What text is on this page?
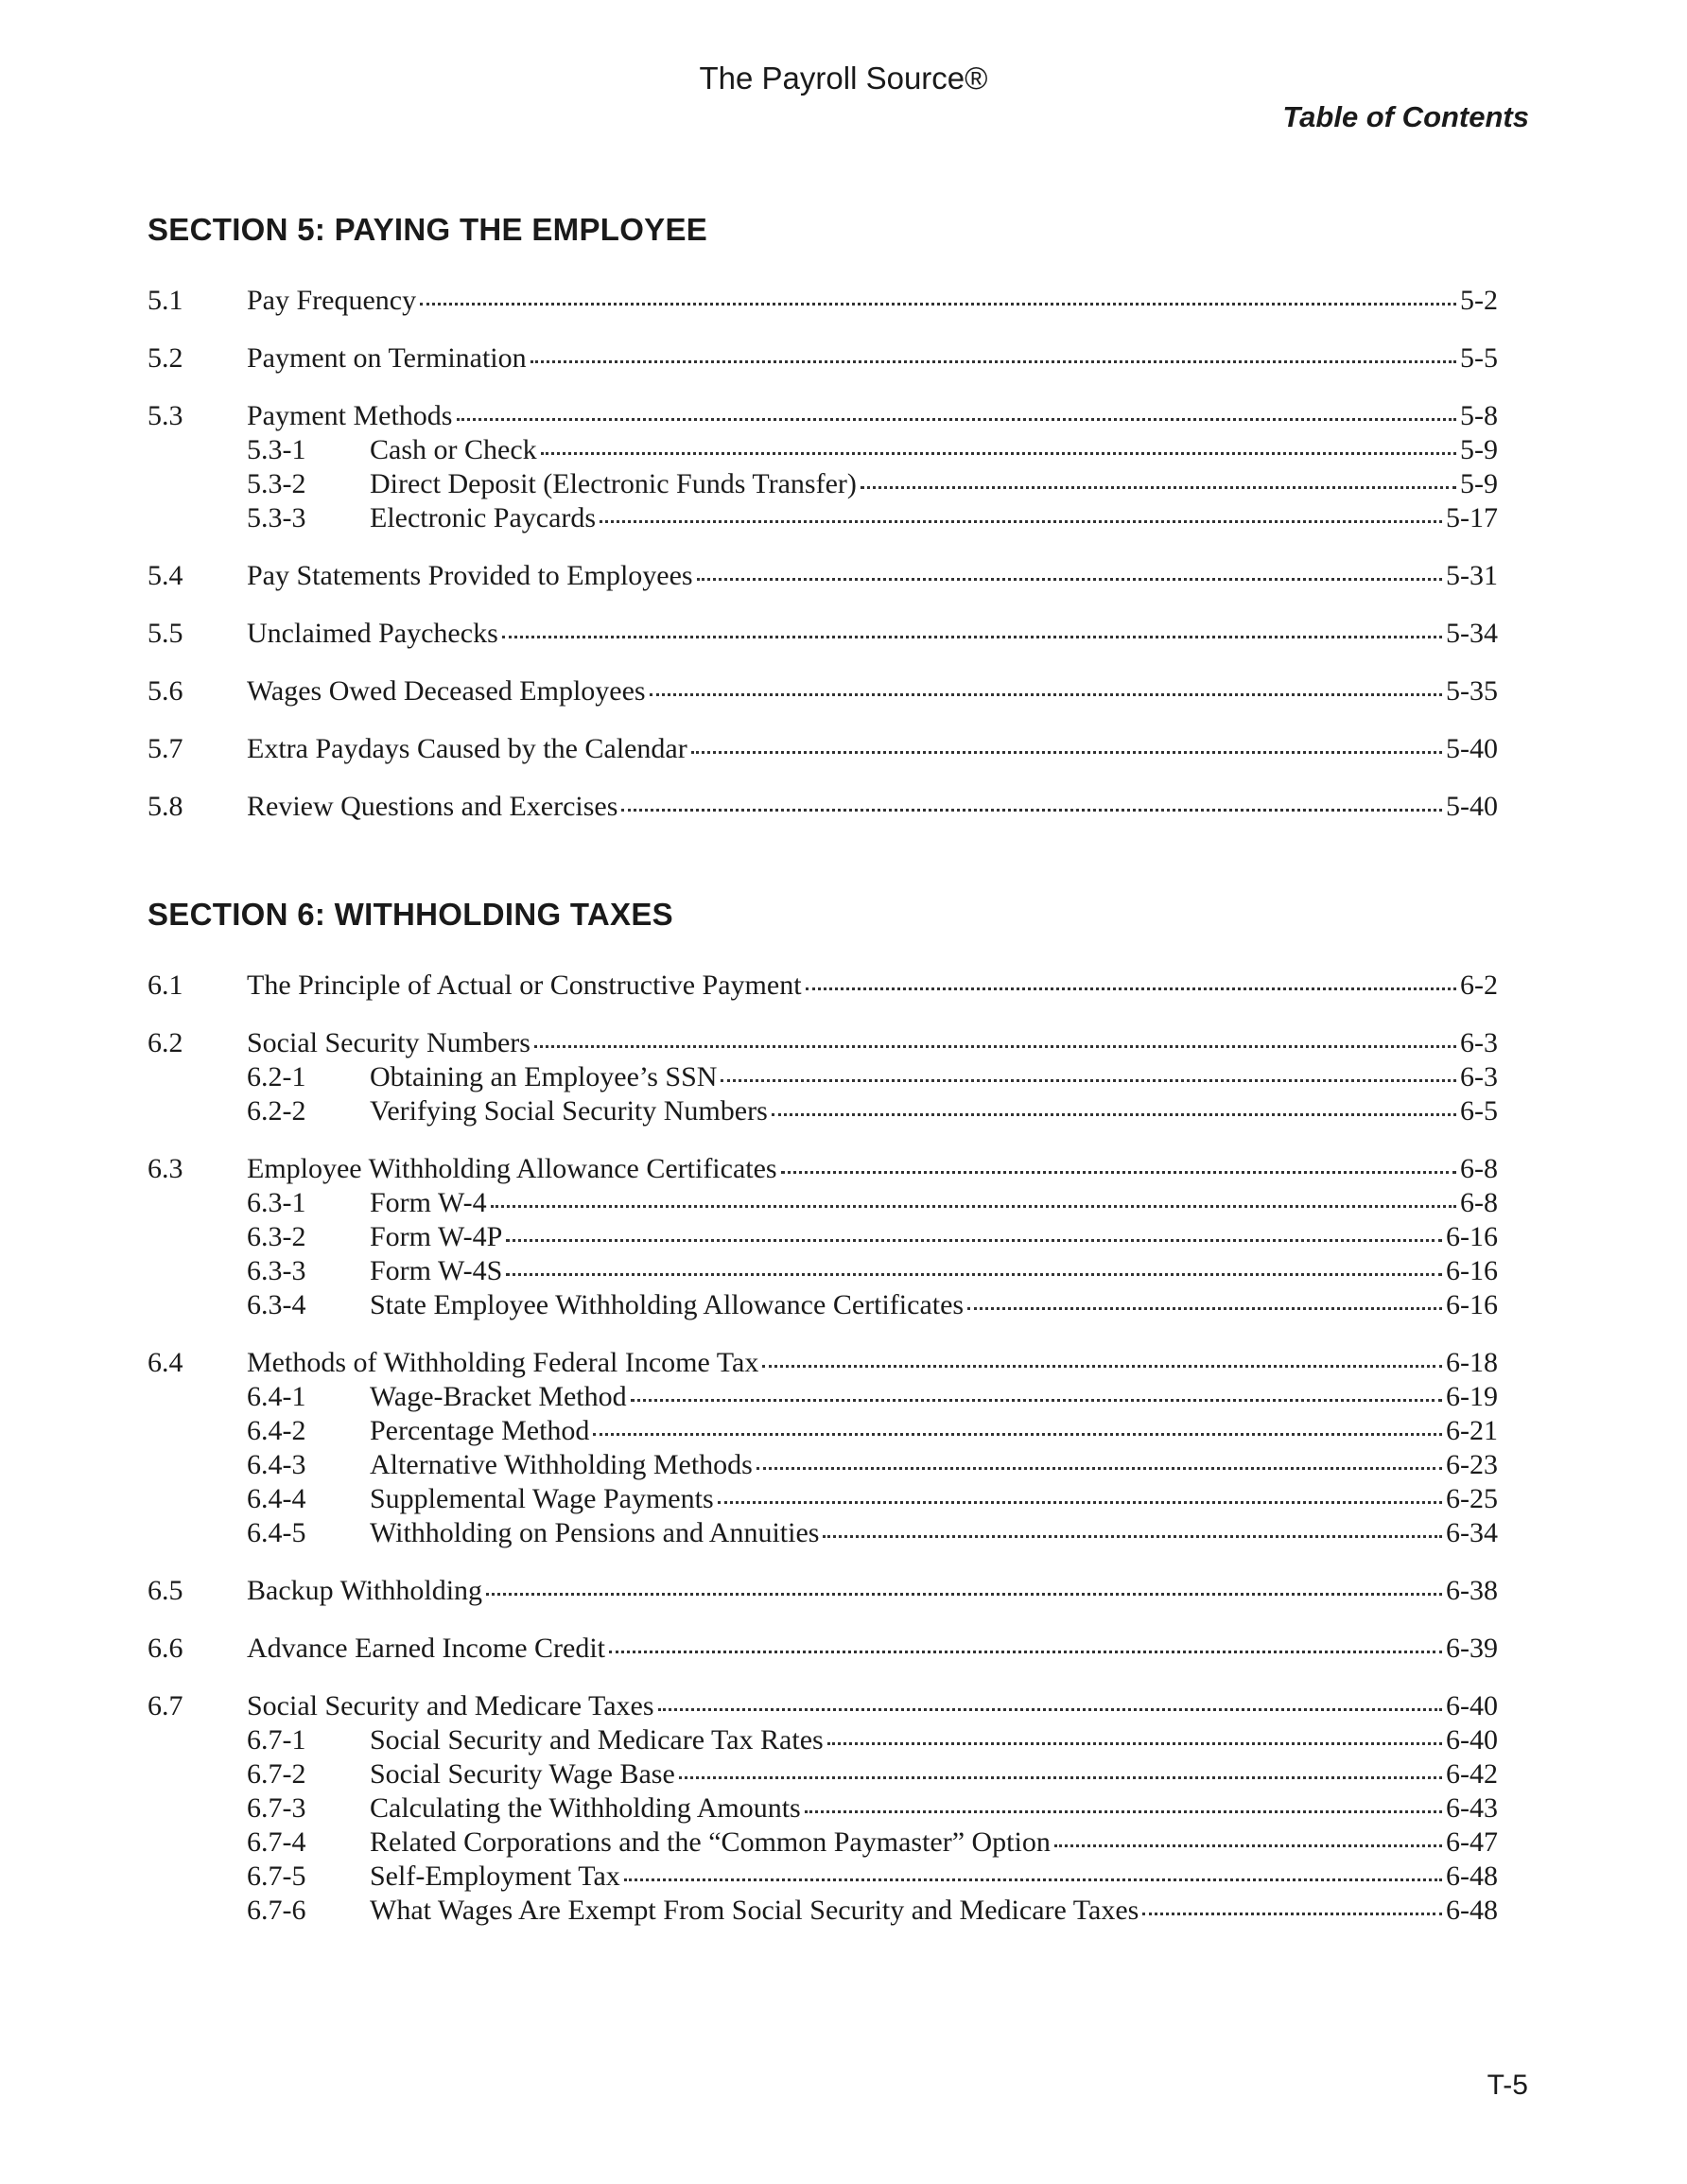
The Payroll Source®
Table of Contents
SECTION 5: PAYING THE EMPLOYEE
5.1	Pay Frequency	5-2
5.2	Payment on Termination	5-5
5.3	Payment Methods	5-8
5.3-1	Cash or Check	5-9
5.3-2	Direct Deposit (Electronic Funds Transfer)	5-9
5.3-3	Electronic Paycards	5-17
5.4	Pay Statements Provided to Employees	5-31
5.5	Unclaimed Paychecks	5-34
5.6	Wages Owed Deceased Employees	5-35
5.7	Extra Paydays Caused by the Calendar	5-40
5.8	Review Questions and Exercises	5-40
SECTION 6: WITHHOLDING TAXES
6.1	The Principle of Actual or Constructive Payment	6-2
6.2	Social Security Numbers	6-3
6.2-1	Obtaining an Employee’s SSN	6-3
6.2-2	Verifying Social Security Numbers	6-5
6.3	Employee Withholding Allowance Certificates	6-8
6.3-1	Form W-4	6-8
6.3-2	Form W-4P	6-16
6.3-3	Form W-4S	6-16
6.3-4	State Employee Withholding Allowance Certificates	6-16
6.4	Methods of Withholding Federal Income Tax	6-18
6.4-1	Wage-Bracket Method	6-19
6.4-2	Percentage Method	6-21
6.4-3	Alternative Withholding Methods	6-23
6.4-4	Supplemental Wage Payments	6-25
6.4-5	Withholding on Pensions and Annuities	6-34
6.5	Backup Withholding	6-38
6.6	Advance Earned Income Credit	6-39
6.7	Social Security and Medicare Taxes	6-40
6.7-1	Social Security and Medicare Tax Rates	6-40
6.7-2	Social Security Wage Base	6-42
6.7-3	Calculating the Withholding Amounts	6-43
6.7-4	Related Corporations and the “Common Paymaster” Option	6-47
6.7-5	Self-Employment Tax	6-48
6.7-6	What Wages Are Exempt From Social Security and Medicare Taxes	6-48
T-5
